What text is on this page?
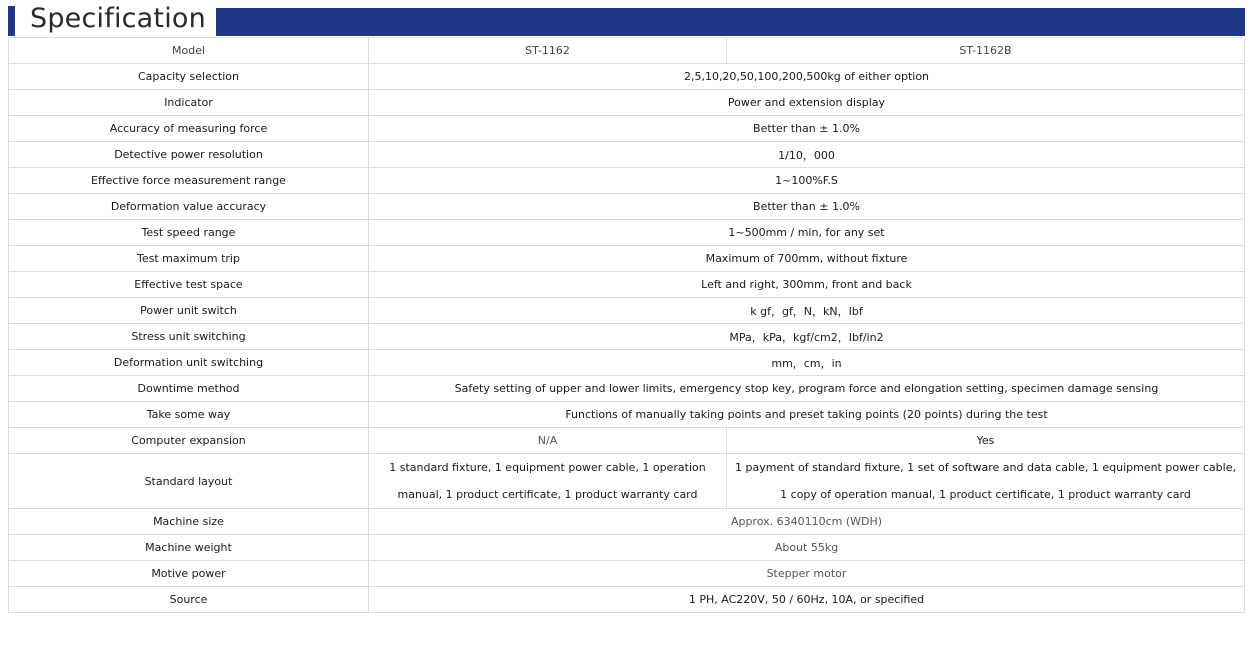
Specification
Model	ST-1162	ST-1162B
Capacity selection	2,5,10,20,50,100,200,500kg of either option	
Indicator	Power and extension display	
Accuracy of measuring force	Better than ± 1.0%	
Detective power resolution	1/10，000	
Effective force measurement range	1~100%F.S	
Deformation value accuracy	Better than ± 1.0%	
Test speed range	1~500mm / min, for any set	
Test maximum trip	Maximum of 700mm, without fixture	
Effective test space	Left and right, 300mm, front and back	
Power unit switch	k gf，gf，N，kN，Ibf	
Stress unit switching	MPa，kPa，kgf/cm2，Ibf/in2	
Deformation unit switching	mm，cm，in	
Downtime method	Safety setting of upper and lower limits, emergency stop key, program force and elongation setting, specimen damage sensing	
Take some way	Functions of manually taking points and preset taking points (20 points) during the test	
Computer expansion	N/A	Yes
Standard layout	1 standard fixture, 1 equipment power cable, 1 operation manual, 1 product certificate, 1 product warranty card	1 payment of standard fixture, 1 set of software and data cable, 1 equipment power cable, 1 copy of operation manual, 1 product certificate, 1 product warranty card
Machine size	Approx. 6340110cm (WDH)	
Machine weight	About 55kg	
Motive power	Stepper motor	
Source	1 PH, AC220V, 50 / 60Hz, 10A, or specified	
